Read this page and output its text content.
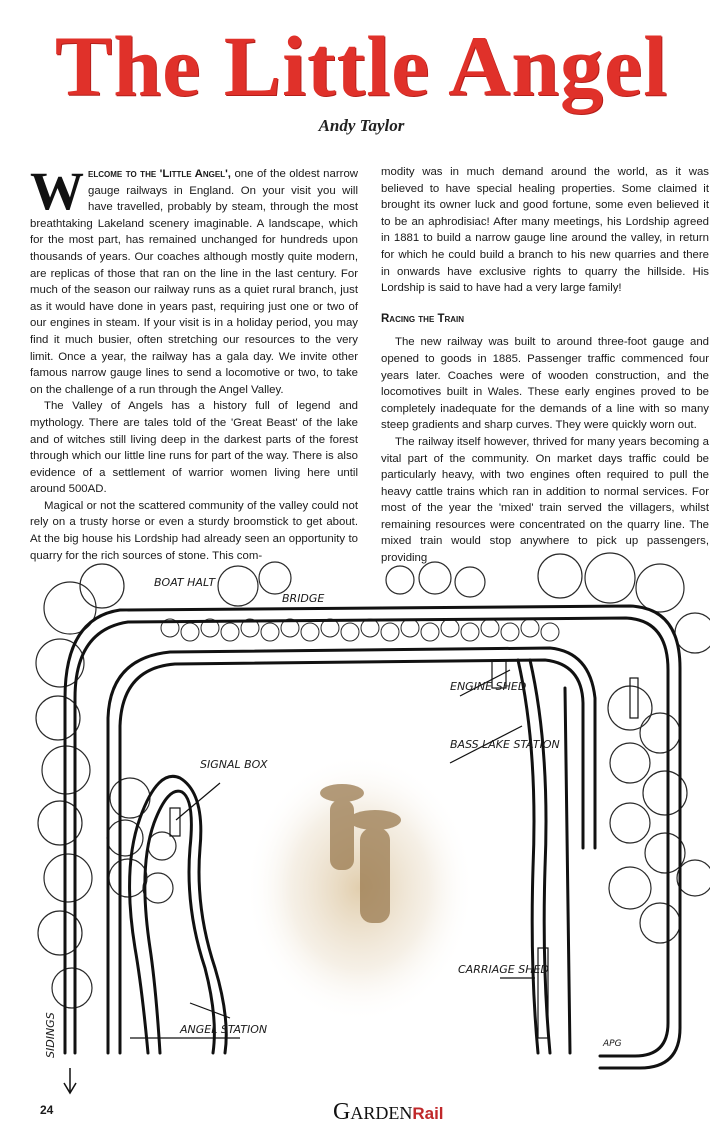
The Little Angel
Andy Taylor

Welcome to the 'Little Angel', one of the oldest narrow gauge railways in England. On your visit you will have travelled, probably by steam, through the most breathtaking Lakeland scenery imaginable. A landscape, which for the most part, has remained unchanged for hundreds upon thousands of years. Our coaches although mostly quite modern, are replicas of those that ran on the line in the last century. For much of the season our railway runs as a quiet rural branch, just as it would have done in years past, requiring just one or two of our engines in steam. If your visit is in a holiday period, you may find it much busier, often stretching our resources to the very limit. Once a year, the railway has a gala day. We invite other famous narrow gauge lines to send a locomotive or two, to take on the challenge of a run through the Angel Valley.

The Valley of Angels has a history full of legend and mythology. There are tales told of the 'Great Beast' of the lake and of witches still living deep in the darkest parts of the forest through which our little line runs for part of the way. There is also evidence of a settlement of warrior women living here until around 500AD.

Magical or not the scattered community of the valley could not rely on a trusty horse or even a sturdy broomstick to get about. At the big house his Lordship had already seen an opportunity to quarry for the rich sources of stone. This com-

modity was in much demand around the world, as it was believed to have special healing properties. Some claimed it brought its owner luck and good fortune, some even believed it to be an aphrodisiac! After many meetings, his Lordship agreed in 1881 to build a narrow gauge line around the valley, in return for which he could build a branch to his new quarries and there in onwards have exclusive rights to quarry the hillside. His Lordship is said to have had a very large family!

Racing the Train

The new railway was built to around three-foot gauge and opened to goods in 1885. Passenger traffic commenced four years later. Coaches were of wooden construction, and the locomotives built in Wales. These early engines proved to be completely inadequate for the demands of a line with so many steep gradients and sharp curves. They were quickly worn out.

The railway itself however, thrived for many years becoming a vital part of the community. On market days traffic could be particularly heavy, with two engines often required to pull the heavy cattle trains which ran in addition to normal services. For most of the year the 'mixed' train served the villagers, whilst remaining resources were concentrated on the quarry line. The mixed train would stop anywhere to pick up passengers, providing

BOAT HALT
BRIDGE
ENGINE SHED
BASS LAKE STATION
SIGNAL BOX
CARRIAGE SHED
ANGEL STATION
SIDINGS	APG
24	GARDENRail
